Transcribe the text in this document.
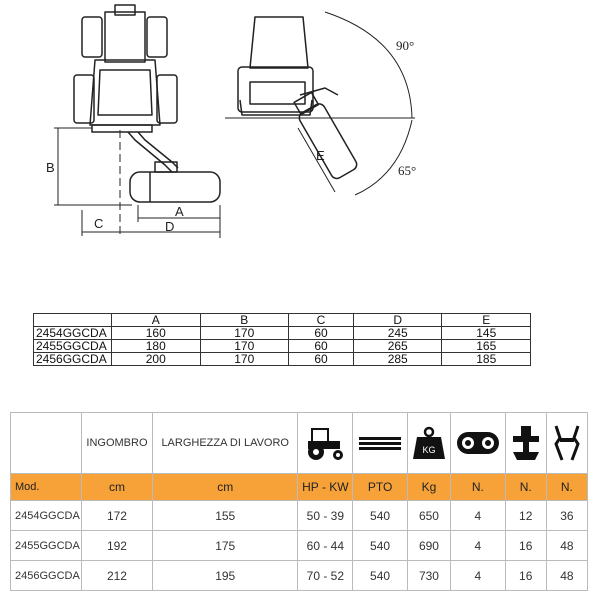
B
C
A
D
E
90°
65°
	A	B	C	D	E
2454GGCDA	160	170	60	245	145
2455GGCDA	180	170	60	265	165
2456GGCDA	200	170	60	285	185
	INGOMBRO	LARGHEZZA DI LAVORO			KG

Mod.	cm	cm	HP - KW	PTO	Kg	N.	N.	N.
2454GGCDA	172	155	50 - 39	540	650	4	12	36
2455GGCDA	192	175	60 - 44	540	690	4	16	48
2456GGCDA	212	195	70 - 52	540	730	4	16	48
